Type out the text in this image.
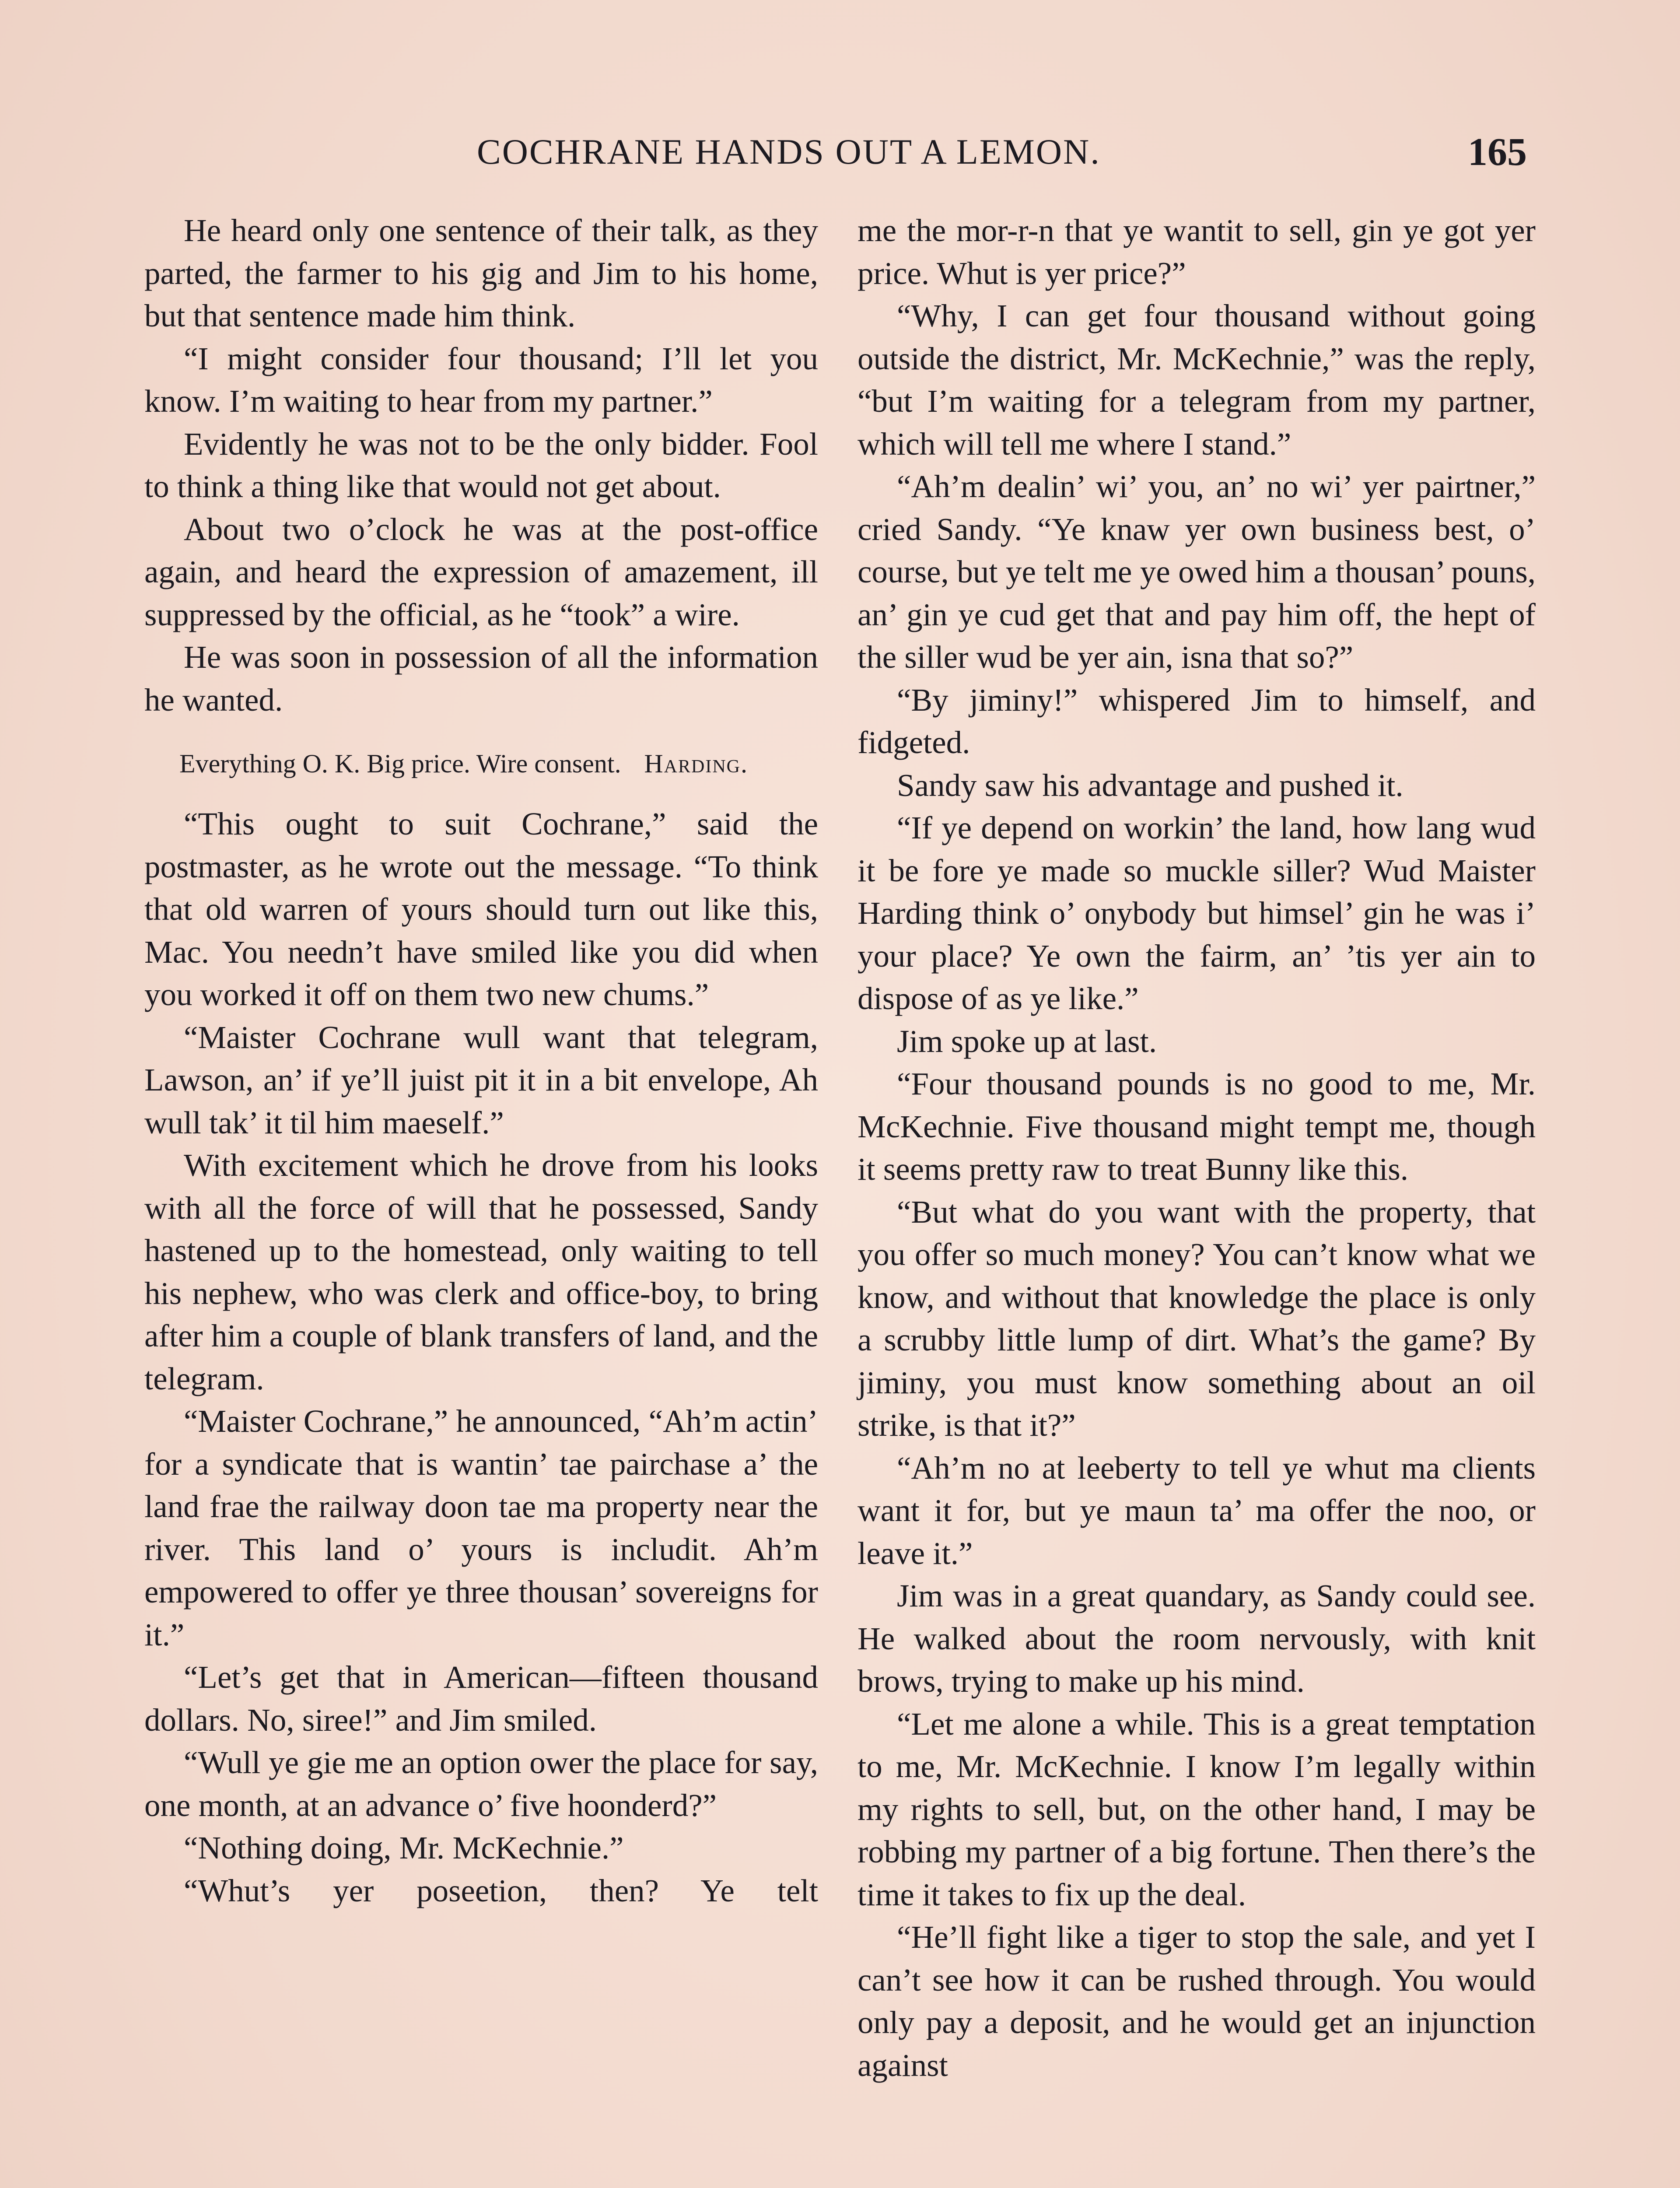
COCHRANE HANDS OUT A LEMON.	165

He heard only one sentence of their talk, as they parted, the farmer to his gig and Jim to his home, but that sentence made him think.

“I might consider four thousand; I’ll let you know. I’m waiting to hear from my partner.”

Evidently he was not to be the only bidder. Fool to think a thing like that would not get about.

About two o’clock he was at the post-office again, and heard the expression of amazement, ill suppressed by the official, as he “took” a wire.

He was soon in possession of all the information he wanted.

Everything O. K. Big price. Wire consent. Harding.

“This ought to suit Cochrane,” said the postmaster, as he wrote out the message. “To think that old warren of yours should turn out like this, Mac. You needn’t have smiled like you did when you worked it off on them two new chums.”

“Maister Cochrane wull want that telegram, Lawson, an’ if ye’ll juist pit it in a bit envelope, Ah wull tak’ it til him maeself.”

With excitement which he drove from his looks with all the force of will that he possessed, Sandy hastened up to the homestead, only waiting to tell his nephew, who was clerk and office-boy, to bring after him a couple of blank transfers of land, and the telegram.

“Maister Cochrane,” he announced, “Ah’m actin’ for a syndicate that is wantin’ tae pairchase a’ the land frae the railway doon tae ma property near the river. This land o’ yours is includit. Ah’m empowered to offer ye three thousan’ sovereigns for it.”

“Let’s get that in American—fifteen thousand dollars. No, siree!” and Jim smiled.

“Wull ye gie me an option ower the place for say, one month, at an advance o’ five hoonderd?”

“Nothing doing, Mr. McKechnie.”

“Whut’s yer poseetion, then? Ye telt

me the mor-r-n that ye wantit to sell, gin ye got yer price. Whut is yer price?”

“Why, I can get four thousand without going outside the district, Mr. McKechnie,” was the reply, “but I’m waiting for a telegram from my partner, which will tell me where I stand.”

“Ah’m dealin’ wi’ you, an’ no wi’ yer pairtner,” cried Sandy. “Ye knaw yer own business best, o’ course, but ye telt me ye owed him a thousan’ pouns, an’ gin ye cud get that and pay him off, the hept of the siller wud be yer ain, isna that so?”

“By jiminy!” whispered Jim to himself, and fidgeted.

Sandy saw his advantage and pushed it.

“If ye depend on workin’ the land, how lang wud it be fore ye made so muckle siller? Wud Maister Harding think o’ onybody but himsel’ gin he was i’ your place? Ye own the fairm, an’ ’tis yer ain to dispose of as ye like.”

Jim spoke up at last.

“Four thousand pounds is no good to me, Mr. McKechnie. Five thousand might tempt me, though it seems pretty raw to treat Bunny like this.

“But what do you want with the property, that you offer so much money? You can’t know what we know, and without that knowledge the place is only a scrubby little lump of dirt. What’s the game? By jiminy, you must know something about an oil strike, is that it?”

“Ah’m no at leeberty to tell ye whut ma clients want it for, but ye maun ta’ ma offer the noo, or leave it.”

Jim was in a great quandary, as Sandy could see. He walked about the room nervously, with knit brows, trying to make up his mind.

“Let me alone a while. This is a great temptation to me, Mr. McKechnie. I know I’m legally within my rights to sell, but, on the other hand, I may be robbing my partner of a big fortune. Then there’s the time it takes to fix up the deal.

“He’ll fight like a tiger to stop the sale, and yet I can’t see how it can be rushed through. You would only pay a deposit, and he would get an injunction against
